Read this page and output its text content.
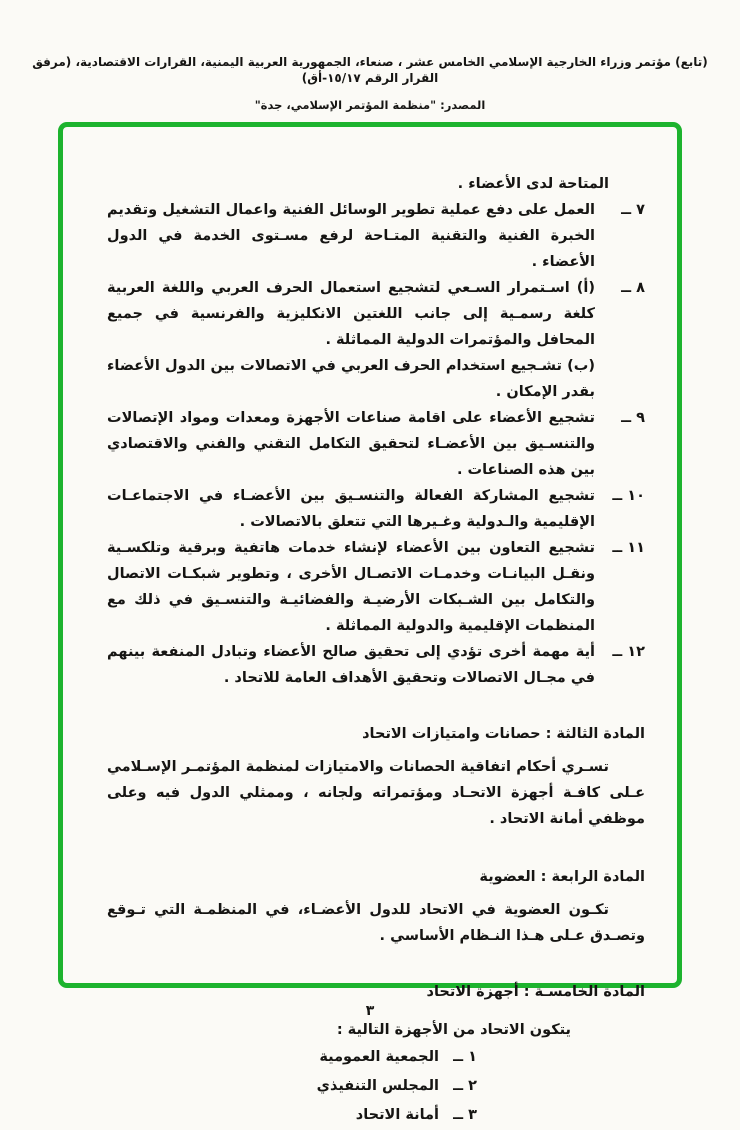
(تابع) مؤتمر وزراء الخارجية الإسلامي الخامس عشر ، صنعاء، الجمهورية العربية اليمنية، القرارات الاقتصادية، (مرفق القرار الرقم ١٥/١٧-أق)
المصدر: "منظمة المؤتمر الإسلامي، جدة"

المتاحة لدى الأعضاء .

٧ ــ

العمل على دفع عملية تطوير الوسائل الفنية واعمال التشغيل وتقديم الخبرة الفنية والتقنية المتـاحة لرفع مسـتوى الخدمة في الدول الأعضاء .

٨ ــ

(أ) اسـتمرار السـعي لتشجيع استعمال الحرف العربي واللغة العربية كلغة رسمـية إلى جانب اللغتين الانكليزية والفرنسية في جميع المحافل والمؤتمرات الدولية المماثلة .

(ب) تشـجيع استخدام الحرف العربي في الاتصالات بين الدول الأعضاء بقدر الإمكان .

٩ ــ

تشجيع الأعضاء على اقامة صناعات الأجهزة ومعدات ومواد الإتصالات والتنسـيق بين الأعضـاء لتحقيق التكامل التقني والفني والاقتصادي بين هذه الصناعات .

١٠ ــ

تشجيع المشاركة الفعالة والتنسـيق بين الأعضـاء في الاجتماعـات الإقليمية والـدولية وغـيرها التي تتعلق بالاتصالات .

١١ ــ

تشجيع التعاون بين الأعضاء لإنشاء خدمات هاتفية وبرقية وتلكسـية ونقـل البيانـات وخدمـات الاتصـال الأخرى ، وتطوير شبكـات الاتصال والتكامل بين الشـبكات الأرضيـة والفضائيـة والتنسـيق في ذلك مع المنظمات الإقليمية والدولية المماثلة .

١٢ ــ

أية مهمة أخرى تؤدي إلى تحقيق صالح الأعضاء وتبادل المنفعة بينهم في مجـال الاتصالات وتحقيق الأهداف العامة للاتحاد .

المادة الثالثة : حصانات وامتيازات الاتحاد

تسـري أحكام اتفاقية الحصانات والامتيازات لمنظمة المؤتمـر الإسـلامي عـلى كافـة أجهزة الاتحـاد ومؤتمراته ولجانه ، وممثلي الدول فيه وعلى موظفي أمانة الاتحاد .

المادة الرابعة : العضوية

تكـون العضوية في الاتحاد للدول الأعضـاء، في المنظمـة التي تـوقع وتصـدق عـلى هـذا النـظام الأساسي .

المادة الخامسـة : أجهزة الاتحاد

يتكون الاتحاد من الأجهزة التالية :

١ ــ
الجمعية العمومية
٢ ــ
المجلس التنفيذي
٣ ــ
أمانة الاتحاد
٣
